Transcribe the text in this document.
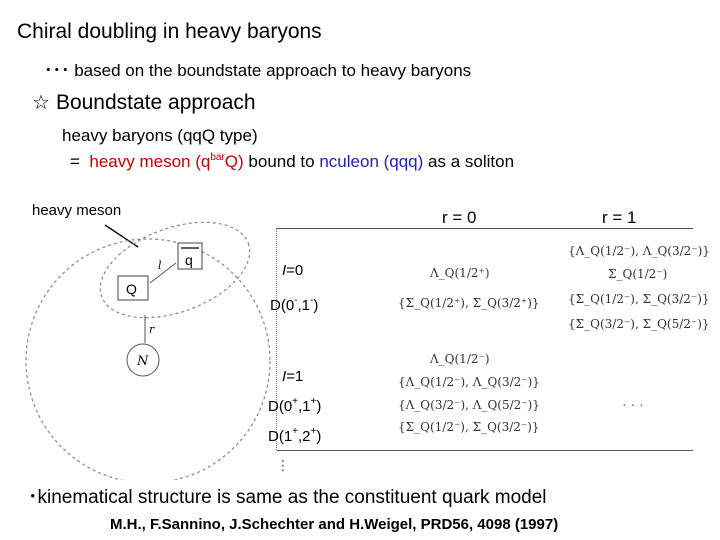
Chiral doubling in heavy baryons
･･･ based on the boundstate approach to heavy baryons
☆ Boundstate approach
heavy baryons (qqQ type)
= heavy meson $(q^{bar}Q)$ bound to nculeon (qqq) as a soliton
heavy meson
q
Q
l
r
N
r = 0	r = 1
I=0
D(0-,1-)
I=1
D(0+,1+)
D(1+,2+)
⋮
Λ_Q(1/2⁺)
{Σ_Q(1/2⁺), Σ_Q(3/2⁺)}
Λ_Q(1/2⁻)
{Λ_Q(1/2⁻), Λ_Q(3/2⁻)}
{Λ_Q(3/2⁻), Λ_Q(5/2⁻)}
{Σ_Q(1/2⁻), Σ_Q(3/2⁻)}
{Λ_Q(1/2⁻), Λ_Q(3/2⁻)}
Σ_Q(1/2⁻)
{Σ_Q(1/2⁻), Σ_Q(3/2⁻)}
{Σ_Q(3/2⁻), Σ_Q(5/2⁻)}
· · ·
･kinematical structure is same as the constituent quark model
M.H., F.Sannino, J.Schechter and H.Weigel, PRD56, 4098 (1997)
